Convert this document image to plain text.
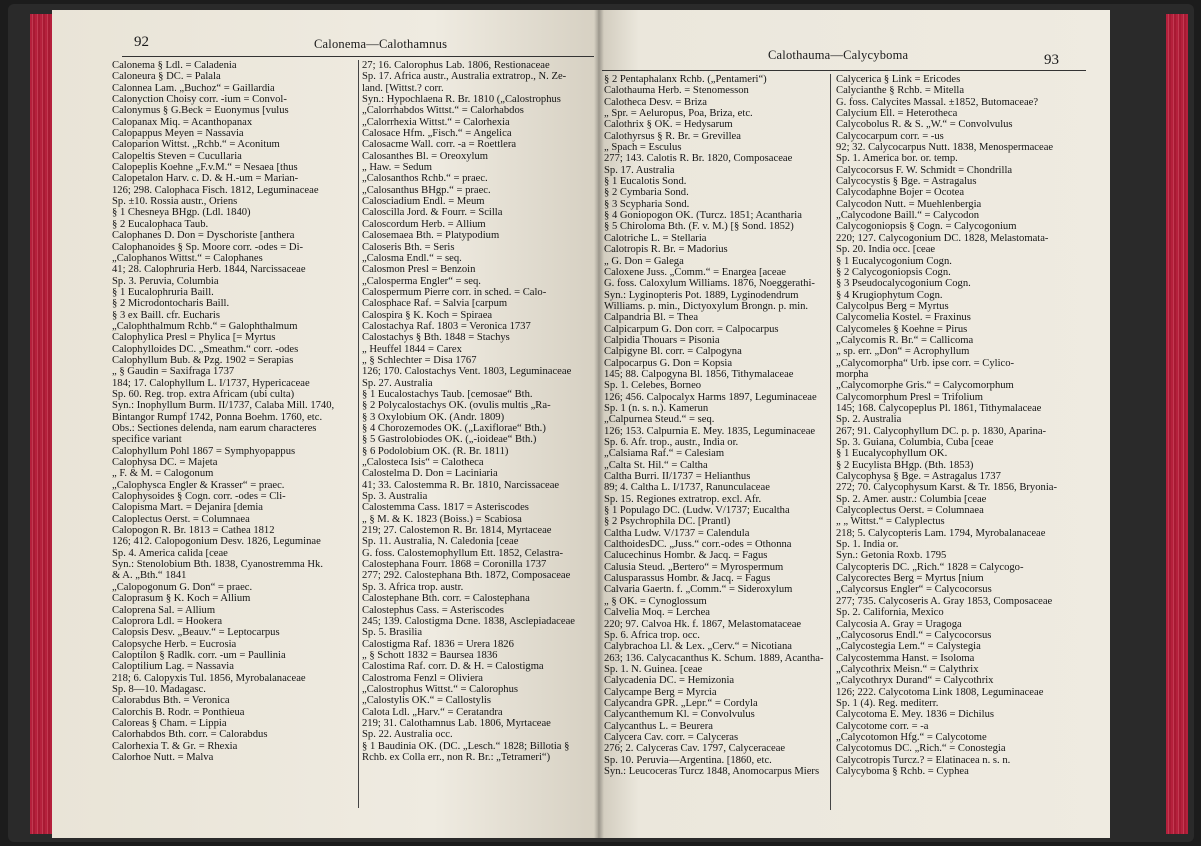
92	Calonema—Calothamnus
Calonema § Ldl. = Caladenia
Caloneura § DC. = Palala
Calonnea Lam. „Buchoz“ = Gaillardia
Calonyction Choisy corr. -ium = Convol-
Calonymus § G.Beck = Euonymus [vulus
Calopanax Miq. = Acanthopanax
Calopappus Meyen = Nassavia
Caloparion Wittst. „Rchb.“ = Aconitum
Calopeltis Steven = Cucullaria
Calopeplis Koehne „F.v.M.“ = Nesaea [thus
Calopetalon Harv. c. D. & H.-um = Marian-
126; 298. Calophaca Fisch. 1812, Leguminaceae
Sp. ±10. Rossia austr., Oriens
§ 1 Chesneya BHgp. (Ldl. 1840)
§ 2 Eucalophaca Taub.
Calophanes D. Don = Dyschoriste [anthera
Calophanoides § Sp. Moore corr. -odes = Di-
„Calophanos Wittst.“ = Calophanes
41; 28. Calophruria Herb. 1844, Narcissaceae
Sp. 3. Peruvia, Columbia
§ 1 Eucalophruria Baill.
§ 2 Microdontocharis Baill.
§ 3 ex Baill. cfr. Eucharis
„Calophthalmum Rchb.“ = Galophthalmum
Calophylica Presl = Phylica [= Myrtus
Calophylloides DC. „Smeathm.“ corr. -odes
Calophyllum Bub. & Pzg. 1902 = Serapias
„ § Gaudin = Saxifraga 1737
184; 17. Calophyllum L. I/1737, Hypericaceae
Sp. 60. Reg. trop. extra Africam (ubi culta)
Syn.: Inophyllum Burm. II/1737, Calaba Mill. 1740,
Bintangor Rumpf 1742, Ponna Boehm. 1760, etc.
Obs.: Sectiones delenda, nam earum characteres
specifice variant
Calophyllum Pohl 1867 = Symphyopappus
Calophysa DC. = Majeta
„ F. & M. = Calogonum
„Calophysca Engler & Krasser“ = praec.
Calophysoides § Cogn. corr. -odes = Cli-
Calopisma Mart. = Dejanira [demia
Caloplectus Oerst. = Columnaea
Calopogon R. Br. 1813 = Cathea 1812
126; 412. Calopogonium Desv. 1826, Leguminae
Sp. 4. America calida [ceae
Syn.: Stenolobium Bth. 1838, Cyanostremma Hk.
& A. „Bth.“ 1841
„Calopogonum G. Don“ = praec.
Caloprasum § K. Koch = Allium
Caloprena Sal. = Allium
Caloprora Ldl. = Hookera
Calopsis Desv. „Beauv.“ = Leptocarpus
Calopsyche Herb. = Eucrosia
Caloptilon § Radlk. corr. -um = Paullinia
Caloptilium Lag. = Nassavia
218; 6. Calopyxis Tul. 1856, Myrobalanaceae
Sp. 8—10. Madagasc.
Calorabdus Bth. = Veronica
Calorchis B. Rodr. = Ponthieua
Caloreas § Cham. = Lippia
Calorhabdos Bth. corr. = Calorabdus
Calorhexia T. & Gr. = Rhexia
Calorhoe Nutt. = Malva
27; 16. Calorophus Lab. 1806, Restionaceae
Sp. 17. Africa austr., Australia extratrop., N. Ze-
land. [Wittst.? corr.
Syn.: Hypochlaena R. Br. 1810 („Calostrophus
„Calorrhabdos Wittst.“ = Calorhabdos
„Calorrhexia Wittst.“ = Calorhexia
Calosace Hfm. „Fisch.“ = Angelica
Calosacme Wall. corr. -a = Roettlera
Calosanthes Bl. = Oreoxylum
„ Haw. = Sedum
„Calosanthos Rchb.“ = praec.
„Calosanthus BHgp.“ = praec.
Calosciadium Endl. = Meum
Caloscilla Jord. & Fourr. = Scilla
Caloscordum Herb. = Allium
Calosemaea Bth. = Platypodium
Caloseris Bth. = Seris
„Calosma Endl.“ = seq.
Calosmon Presl = Benzoin
„Calosperma Engler“ = seq.
Calospermum Pierre corr. in sched. = Calo-
Calosphace Raf. = Salvia [carpum
Calospira § K. Koch = Spiraea
Calostachya Raf. 1803 = Veronica 1737
Calostachys § Bth. 1848 = Stachys
„ Heuffel 1844 = Carex
„ § Schlechter = Disa 1767
126; 170. Calostachys Vent. 1803, Leguminaceae
Sp. 27. Australia
§ 1 Eucalostachys Taub. [cemosae“ Bth.
§ 2 Polycalostachys OK. (ovulis multis „Ra-
§ 3 Oxylobium OK. (Andr. 1809)
§ 4 Chorozemodes OK. („Laxiflorae“ Bth.)
§ 5 Gastrolobiodes OK. („-ioideae“ Bth.)
§ 6 Podolobium OK. (R. Br. 1811)
„Calosteca Isis“ = Calotheca
Calostelma D. Don = Laciniaria
41; 33. Calostemma R. Br. 1810, Narcissaceae
Sp. 3. Australia
Calostemma Cass. 1817 = Asteriscodes
„ § M. & K. 1823 (Boiss.) = Scabiosa
219; 27. Calostemon R. Br. 1814, Myrtaceae
Sp. 11. Australia, N. Caledonia [ceae
G. foss. Calostemophyllum Ett. 1852, Celastra-
Calostephana Fourr. 1868 = Coronilla 1737
277; 292. Calostephana Bth. 1872, Composaceae
Sp. 3. Africa trop. austr.
Calostephane Bth. corr. = Calostephana
Calostephus Cass. = Asteriscodes
245; 139. Calostigma Dcne. 1838, Asclepiadaceae
Sp. 5. Brasilia
Calostigma Raf. 1836 = Urera 1826
„ § Schott 1832 = Baursea 1836
Calostima Raf. corr. D. & H. = Calostigma
Calostroma Fenzl = Oliviera
„Calostrophus Wittst.“ = Calorophus
„Calostylis OK.“ = Callostylis
Calota Ldl. „Harv.“ = Ceratandra
219; 31. Calothamnus Lab. 1806, Myrtaceae
Sp. 22. Australia occ.
§ 1 Baudinia OK. (DC. „Lesch.“ 1828; Billotia §
Rchb. ex Colla err., non R. Br.: „Tetrameri“)
Calothauma—Calycyboma	93
§ 2 Pentaphalanx Rchb. („Pentameri“)
Calothauma Herb. = Stenomesson
Calotheca Desv. = Briza
„ Spr. = Aeluropus, Poa, Briza, etc.
Calothrix § OK. = Hedysarum
Calothyrsus § R. Br. = Grevillea
„ Spach = Esculus
277; 143. Calotis R. Br. 1820, Composaceae
Sp. 17. Australia
§ 1 Eucalotis Sond.
§ 2 Cymbaria Sond.
§ 3 Scypharia Sond.
§ 4 Goniopogon OK. (Turcz. 1851; Acantharia
§ 5 Chiroloma Bth. (F. v. M.) [§ Sond. 1852)
Calotriche L. = Stellaria
Calotropis R. Br. = Madorius
„ G. Don = Galega
Caloxene Juss. „Comm.“ = Enargea [aceae
G. foss. Caloxylum Williams. 1876, Noeggerathi-
Syn.: Lyginopteris Pot. 1889, Lyginodendrum
Williams. p. min., Dictyoxylum Brongn. p. min.
Calpandria Bl. = Thea
Calpicarpum G. Don corr. = Calpocarpus
Calpidia Thouars = Pisonia
Calpigyne Bl. corr. = Calpogyna
Calpocarpus G. Don = Kopsia
145; 88. Calpogyna Bl. 1856, Tithymalaceae
Sp. 1. Celebes, Borneo
126; 456. Calpocalyx Harms 1897, Leguminaceae
Sp. 1 (n. s. n.). Kamerun
„Calpurnea Steud.“ = seq.
126; 153. Calpurnia E. Mey. 1835, Leguminaceae
Sp. 6. Afr. trop., austr., India or.
„Calsiama Raf.“ = Calesiam
„Calta St. Hil.“ = Caltha
Caltha Burri. II/1737 = Helianthus
89; 4. Caltha L. I/1737, Ranunculaceae
Sp. 15. Regiones extratrop. excl. Afr.
§ 1 Populago DC. (Ludw. V/1737; Eucaltha
§ 2 Psychrophila DC. [Prantl)
Caltha Ludw. V/1737 = Calendula
CalthoidesDC. „Juss.“ corr.-odes = Othonna
Calucechinus Hombr. & Jacq. = Fagus
Calusia Steud. „Bertero“ = Myrospermum
Calusparassus Hombr. & Jacq. = Fagus
Calvaria Gaertn. f. „Comm.“ = Sideroxylum
„ § OK. = Cynoglossum
Calvelia Moq. = Lerchea
220; 97. Calvoa Hk. f. 1867, Melastomataceae
Sp. 6. Africa trop. occ.
Calybrachoa Ll. & Lex. „Cerv.“ = Nicotiana
263; 136. Calycacanthus K. Schum. 1889, Acantha-
Sp. 1. N. Guinea. [ceae
Calycadenia DC. = Hemizonia
Calycampe Berg = Myrcia
Calycandra GPR. „Lepr.“ = Cordyla
Calycanthemum Kl. = Convolvulus
Calycanthus L. = Beurera
Calycera Cav. corr. = Calyceras
276; 2. Calyceras Cav. 1797, Calyceraceae
Sp. 10. Peruvia—Argentina. [1860, etc.
Syn.: Leucoceras Turcz 1848, Anomocarpus Miers
Calycerica § Link = Ericodes
Calycianthe § Rchb. = Mitella
G. foss. Calycites Massal. ±1852, Butomaceae?
Calycium Ell. = Heterotheca
Calycobolus R. & S. „W.“ = Convolvulus
Calycocarpum corr. = -us
92; 32. Calycocarpus Nutt. 1838, Menospermaceae
Sp. 1. America bor. or. temp.
Calycocorsus F. W. Schmidt = Chondrilla
Calycocystis § Bge. = Astragalus
Calycodaphne Bojer = Ocotea
Calycodon Nutt. = Muehlenbergia
„Calycodone Baill.“ = Calycodon
Calycogoniopsis § Cogn. = Calycogonium
220; 127. Calycogonium DC. 1828, Melastomata-
Sp. 20. India occ. [ceae
§ 1 Eucalycogonium Cogn.
§ 2 Calycogoniopsis Cogn.
§ 3 Pseudocalycogonium Cogn.
§ 4 Krugiophytum Cogn.
Calycolpus Berg = Myrtus
Calycomelia Kostel. = Fraxinus
Calycomeles § Koehne = Pirus
„Calycomis R. Br.“ = Callicoma
„ sp. err. „Don“ = Acrophyllum
„Calycomorpha“ Urb. ipse corr. = Cylico-
morpha
„Calycomorphe Gris.“ = Calycomorphum
Calycomorphum Presl = Trifolium
145; 168. Calycopeplus Pl. 1861, Tithymalaceae
Sp. 2. Australia
267; 91. Calycophyllum DC. p. p. 1830, Aparina-
Sp. 3. Guiana, Columbia, Cuba [ceae
§ 1 Eucalycophyllum OK.
§ 2 Eucylista BHgp. (Bth. 1853)
Calycophysa § Bge. = Astragalus 1737
272; 70. Calycophysum Karst. & Tr. 1856, Bryonia-
Sp. 2. Amer. austr.: Columbia [ceae
Calycoplectus Oerst. = Columnaea
„ „ Wittst.“ = Calyplectus
218; 5. Calycopteris Lam. 1794, Myrobalanaceae
Sp. 1. India or.
Syn.: Getonia Roxb. 1795
Calycopteris DC. „Rich.“ 1828 = Calycogo-
Calycorectes Berg = Myrtus [nium
„Calycorsus Engler“ = Calycocorsus
277; 735. Calycoseris A. Gray 1853, Composaceae
Sp. 2. California, Mexico
Calycosia A. Gray = Uragoga
„Calycosorus Endl.“ = Calycocorsus
„Calycostegia Lem.“ = Calystegia
Calycostemma Hanst. = Isoloma
„Calycothrix Meisn.“ = Calythrix
„Calycothryx Durand“ = Calycothrix
126; 222. Calycotoma Link 1808, Leguminaceae
Sp. 1 (4). Reg. mediterr.
Calycotoma E. Mey. 1836 = Dichilus
Calycotome corr. = -a
„Calycotomon Hfg.“ = Calycotome
Calycotomus DC. „Rich.“ = Conostegia
Calycotropis Turcz.? = Elatinacea n. s. n.
Calycyboma § Rchb. = Cyphea
